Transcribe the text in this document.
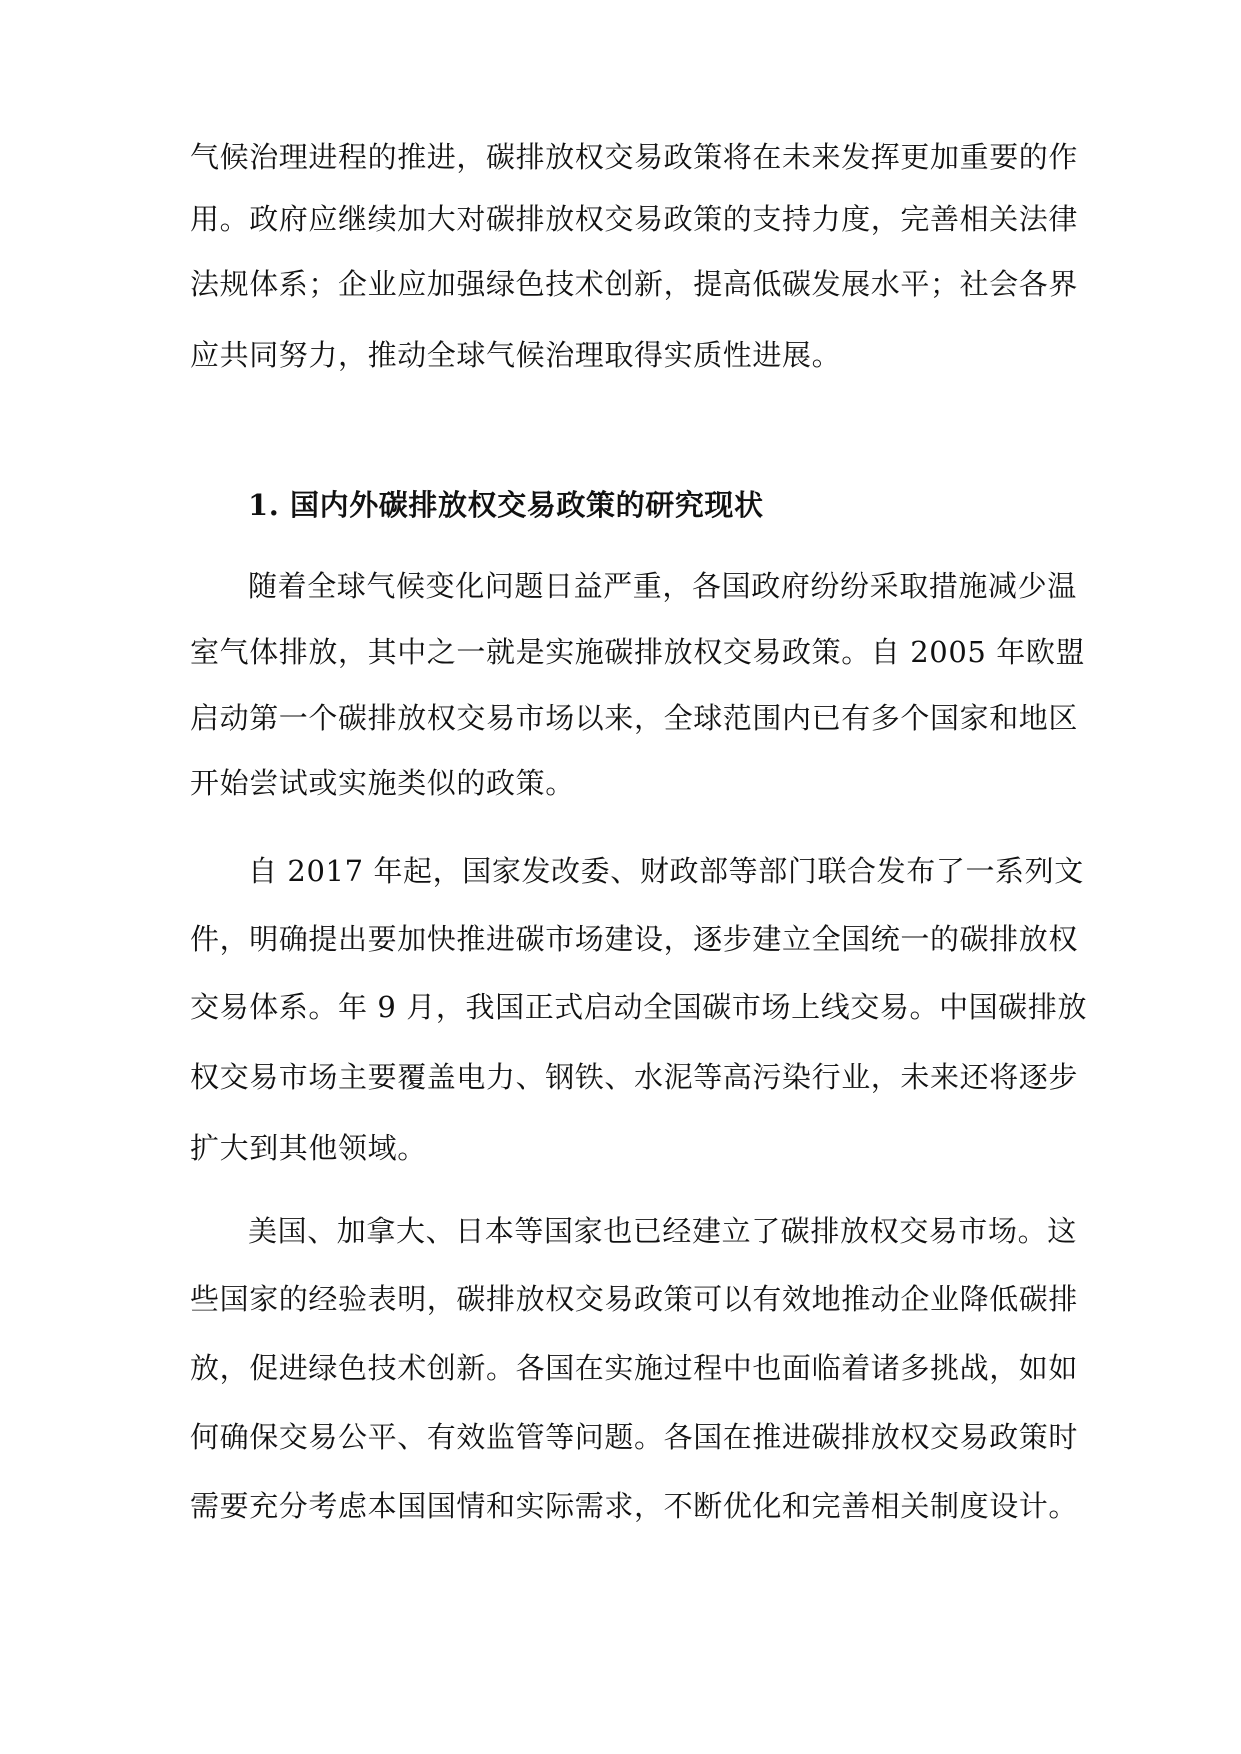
气候治理进程的推进，碳排放权交易政策将在未来发挥更加重要的作
用。政府应继续加大对碳排放权交易政策的支持力度，完善相关法律
法规体系；企业应加强绿色技术创新，提高低碳发展水平；社会各界
应共同努力，推动全球气候治理取得实质性进展。
1. 国内外碳排放权交易政策的研究现状
随着全球气候变化问题日益严重，各国政府纷纷采取措施减少温
室气体排放，其中之一就是实施碳排放权交易政策。自 2005 年欧盟
启动第一个碳排放权交易市场以来，全球范围内已有多个国家和地区
开始尝试或实施类似的政策。
自 2017 年起，国家发改委、财政部等部门联合发布了一系列文
件，明确提出要加快推进碳市场建设，逐步建立全国统一的碳排放权
交易体系。年 9 月，我国正式启动全国碳市场上线交易。中国碳排放
权交易市场主要覆盖电力、钢铁、水泥等高污染行业，未来还将逐步
扩大到其他领域。
美国、加拿大、日本等国家也已经建立了碳排放权交易市场。这
些国家的经验表明，碳排放权交易政策可以有效地推动企业降低碳排
放，促进绿色技术创新。各国在实施过程中也面临着诸多挑战，如如
何确保交易公平、有效监管等问题。各国在推进碳排放权交易政策时
需要充分考虑本国国情和实际需求，不断优化和完善相关制度设计。
